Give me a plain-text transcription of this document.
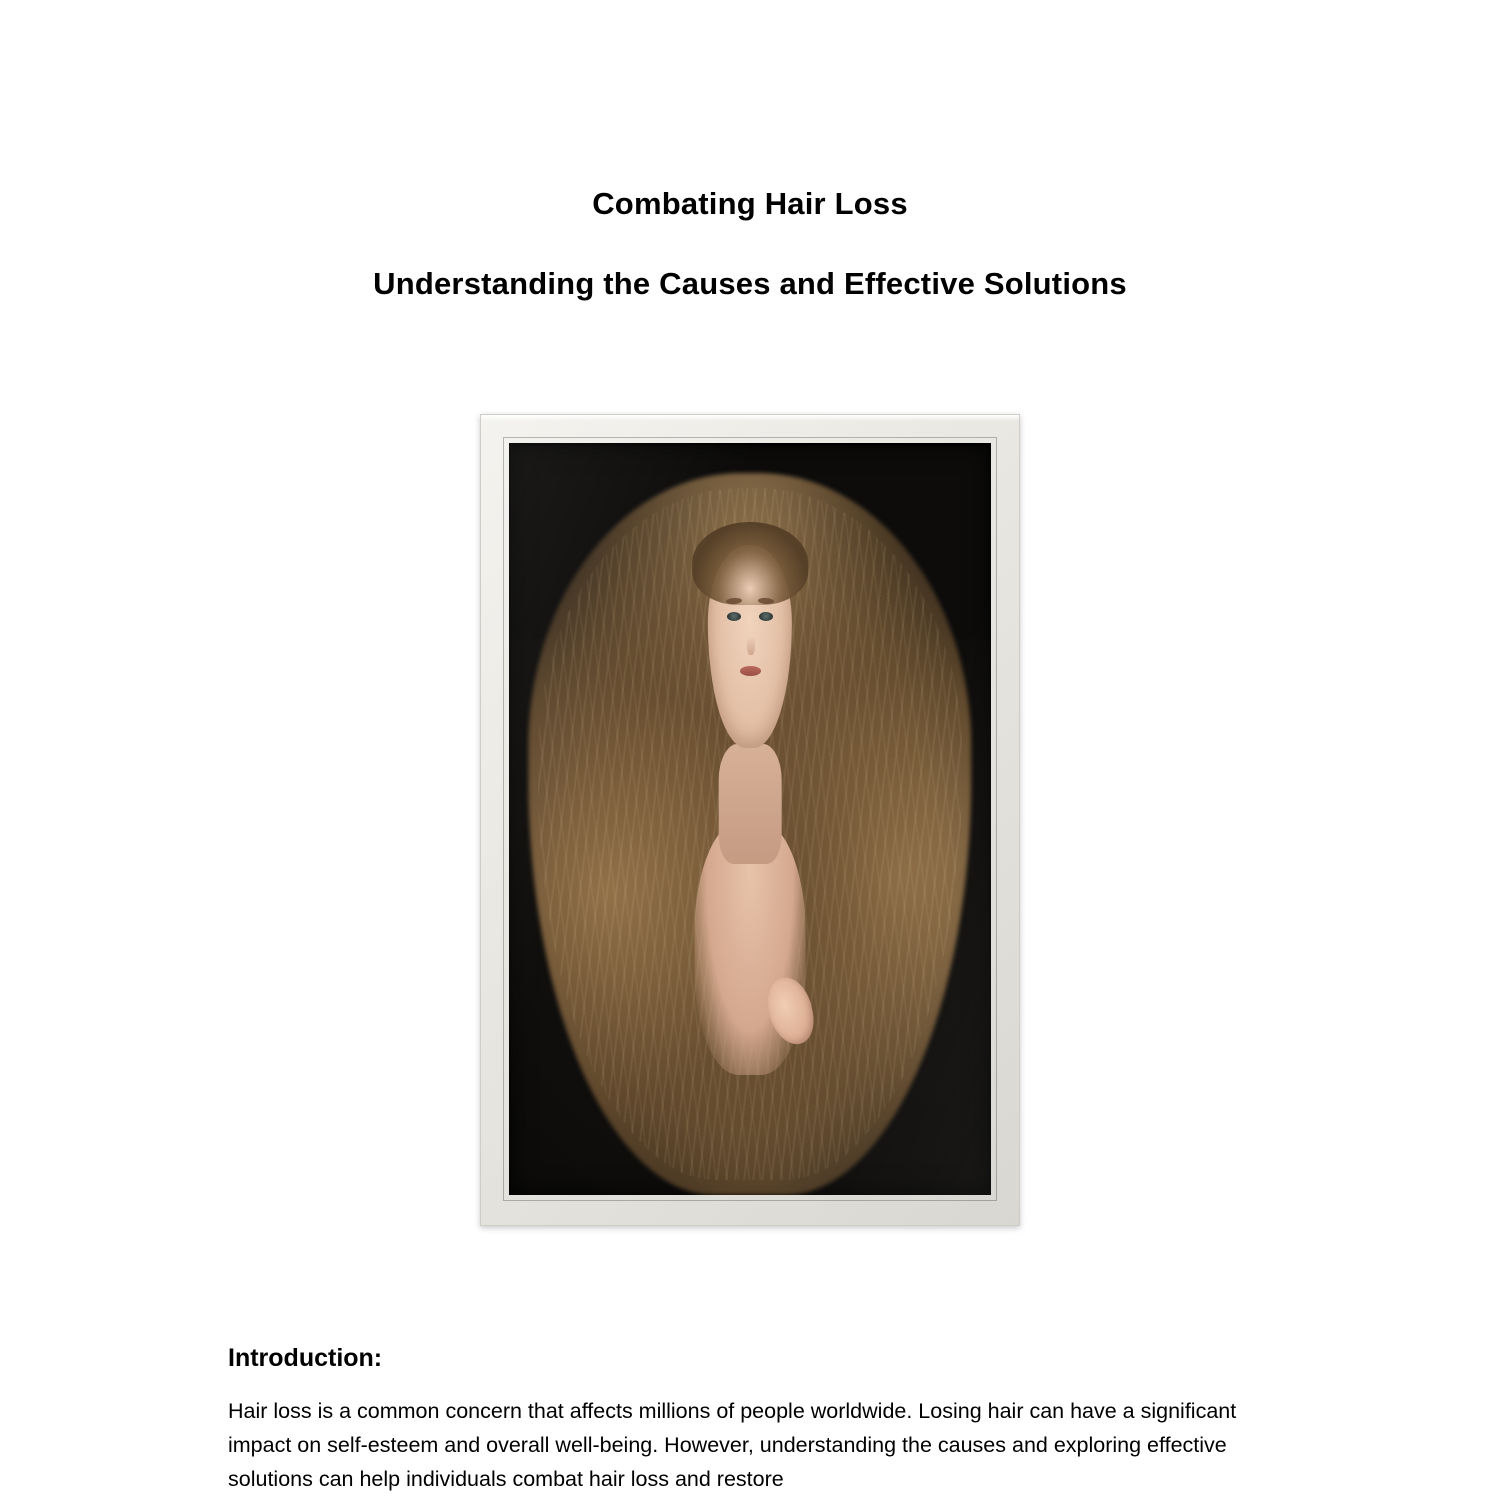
Combating Hair Loss
Understanding the Causes and Effective Solutions
Introduction:

Hair loss is a common concern that affects millions of people worldwide. Losing hair can have a significant impact on self-esteem and overall well-being. However, understanding the causes and exploring effective solutions can help individuals combat hair loss and restore
